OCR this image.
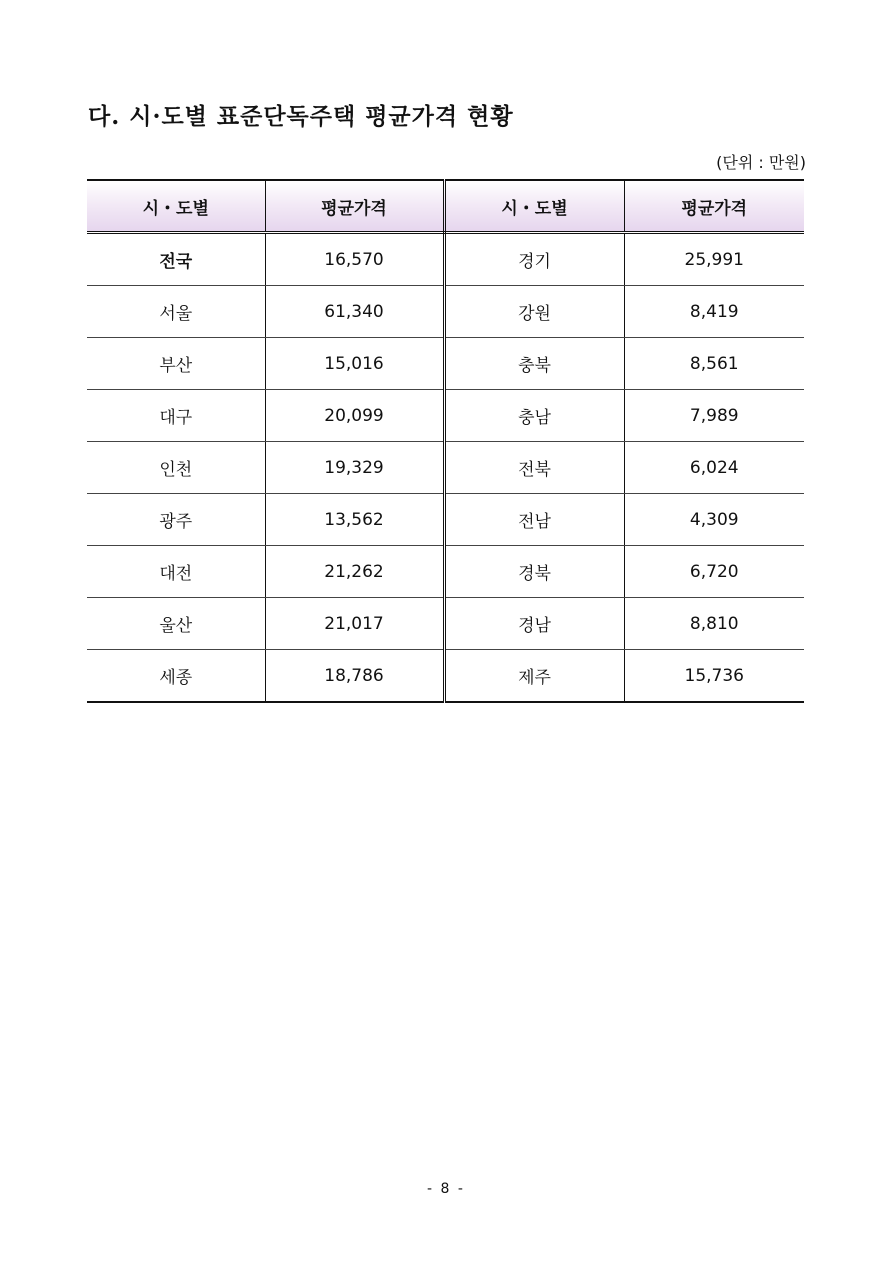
다. 시·도별 표준단독주택 평균가격 현황
(단위 : 만원)
시・도별	평균가격	시・도별	평균가격
전국	16,570	경기	25,991
서울	61,340	강원	8,419
부산	15,016	충북	8,561
대구	20,099	충남	7,989
인천	19,329	전북	6,024
광주	13,562	전남	4,309
대전	21,262	경북	6,720
울산	21,017	경남	8,810
세종	18,786	제주	15,736
- 8 -
